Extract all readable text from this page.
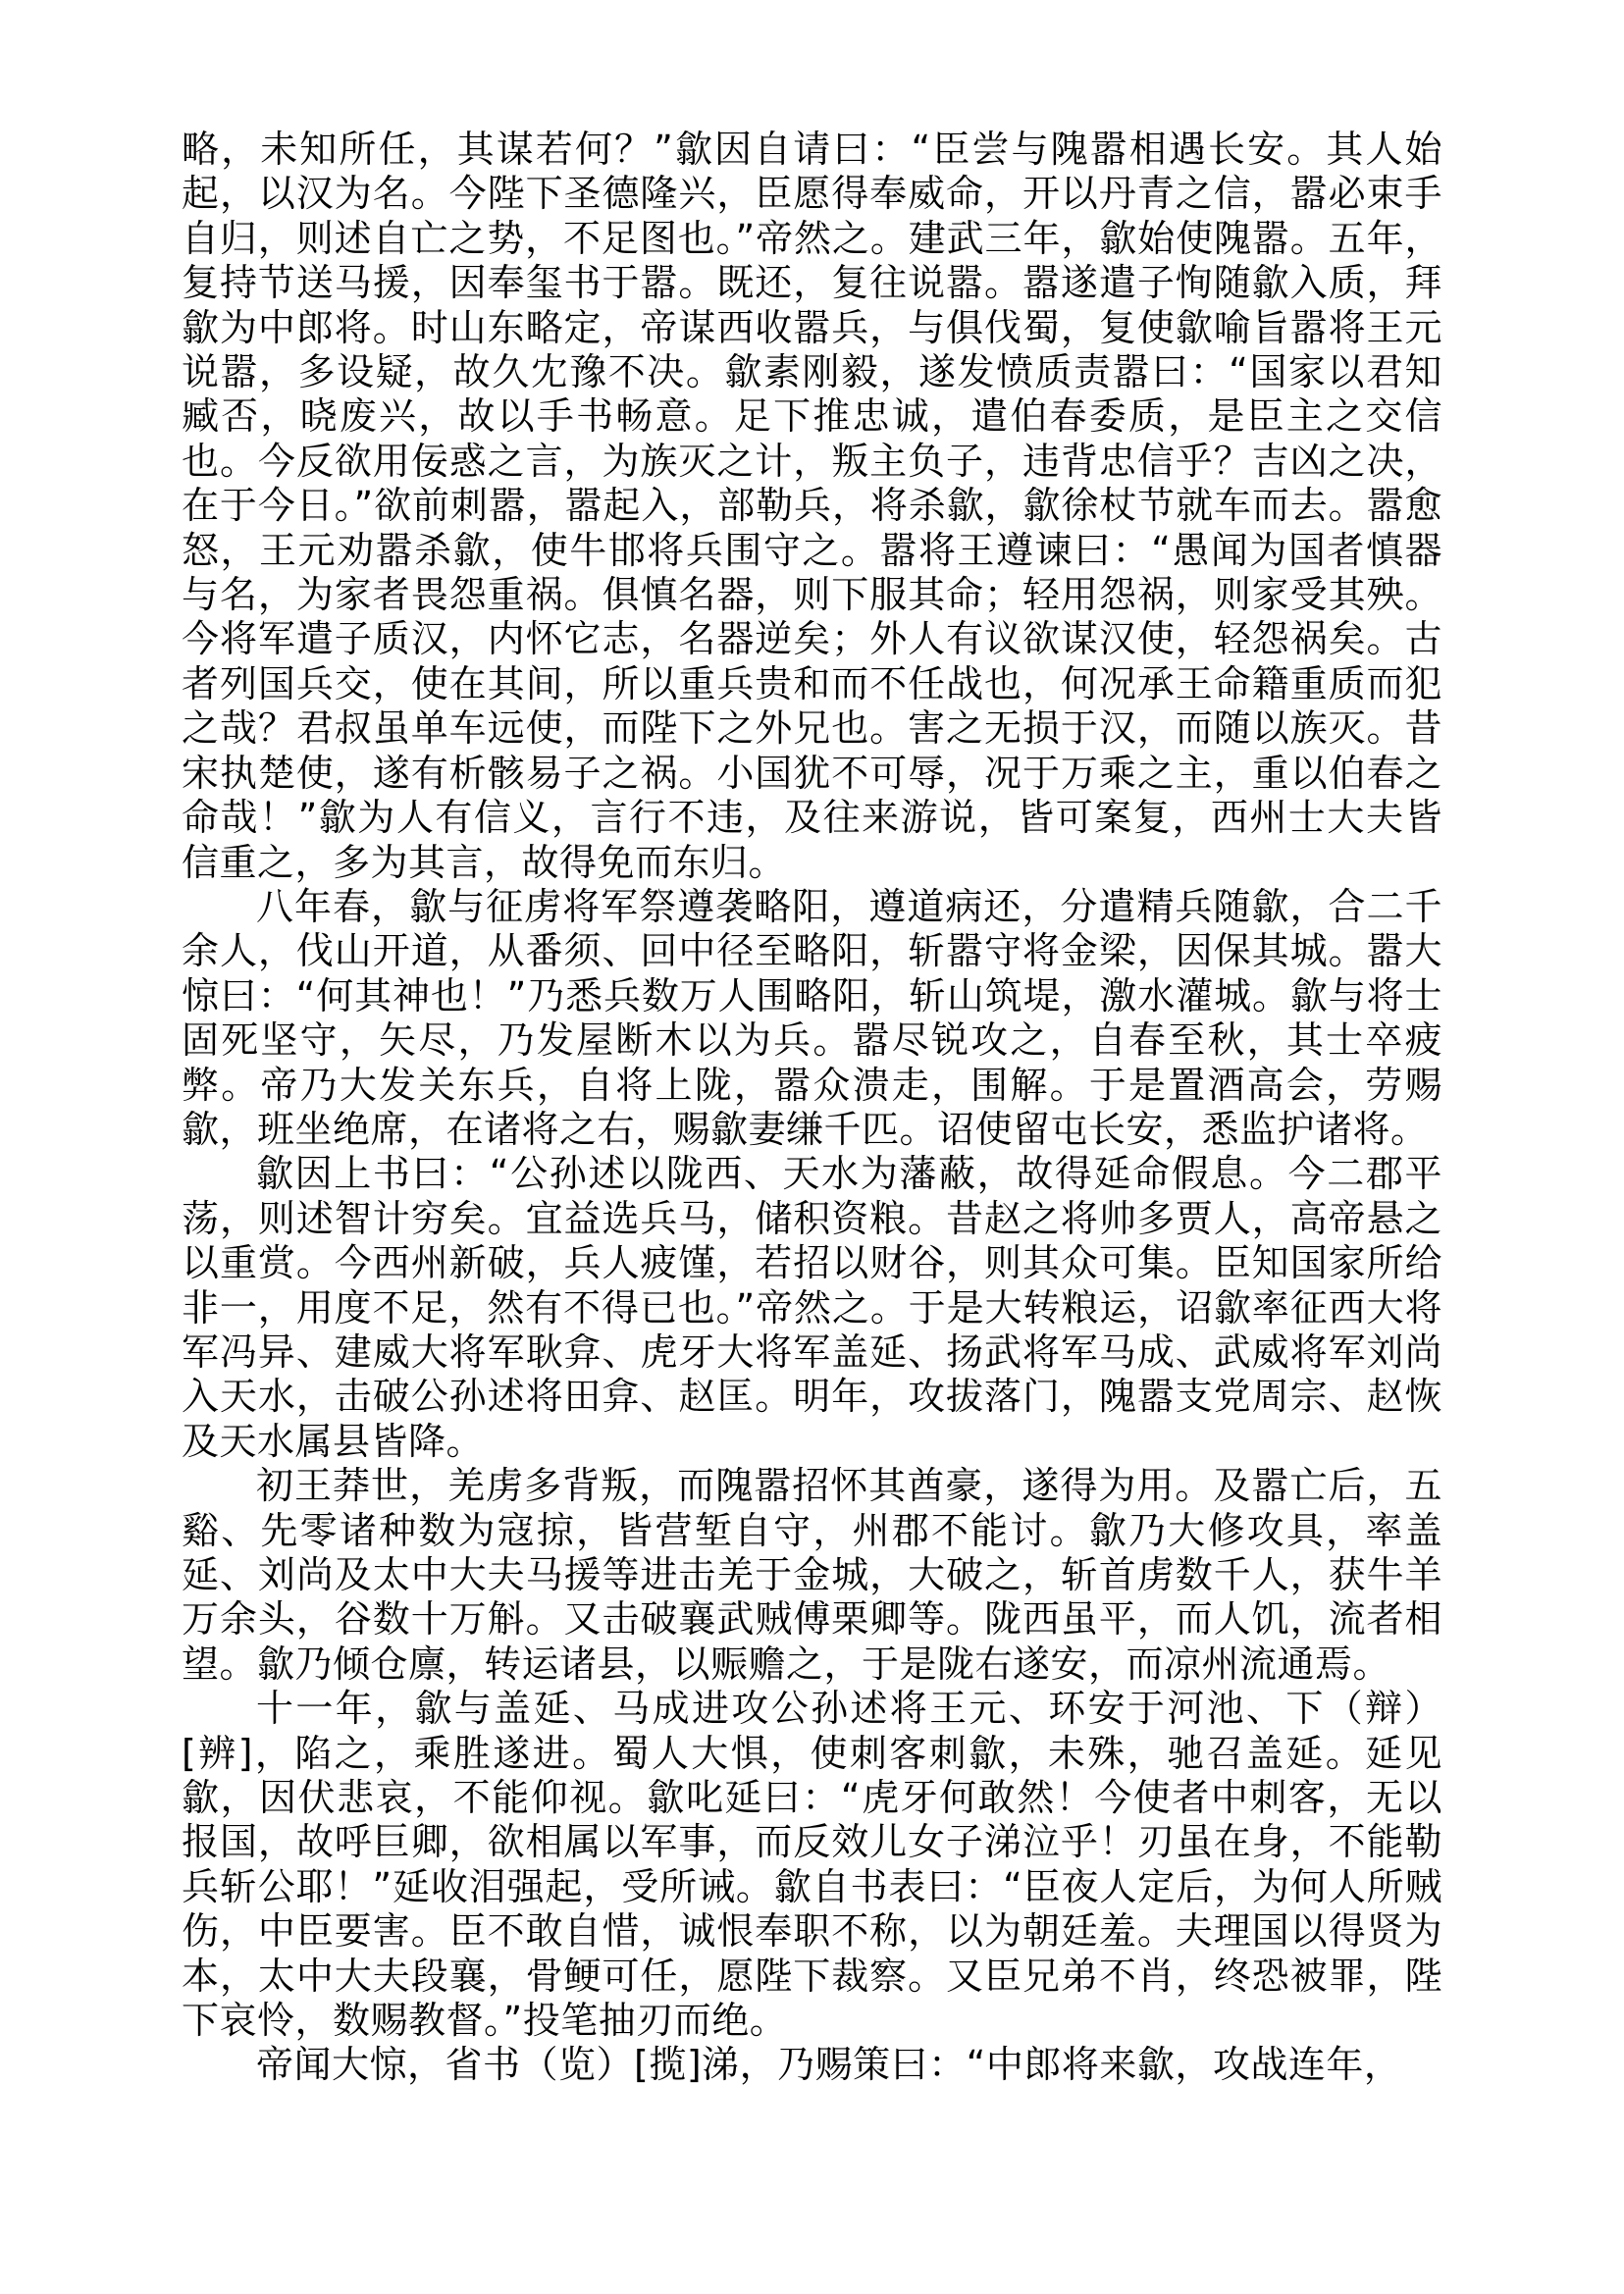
略，未知所任，其谋若何？”歙因自请曰：“臣尝与隗嚣相遇长安。其人始起，以汉为名。今陛下圣德隆兴，臣愿得奉威命，开以丹青之信，嚣必束手自归，则述自亡之势，不足图也。”帝然之。建武三年，歙始使隗嚣。五年，复持节送马援，因奉玺书于嚣。既还，复往说嚣。嚣遂遣子恂随歙入质，拜歙为中郎将。时山东略定，帝谋西收嚣兵，与俱伐蜀，复使歙喻旨嚣将王元说嚣，多设疑，故久冘豫不决。歙素刚毅，遂发愤质责嚣曰：“国家以君知臧否，晓废兴，故以手书畅意。足下推忠诚，遣伯春委质，是臣主之交信也。今反欲用佞惑之言，为族灭之计，叛主负子，违背忠信乎？吉凶之决，在于今日。”欲前刺嚣，嚣起入，部勒兵，将杀歙，歙徐杖节就车而去。嚣愈怒，王元劝嚣杀歙，使牛邯将兵围守之。嚣将王遵谏曰：“愚闻为国者慎器与名，为家者畏怨重祸。俱慎名器，则下服其命；轻用怨祸，则家受其殃。今将军遣子质汉，内怀它志，名器逆矣；外人有议欲谋汉使，轻怨祸矣。古者列国兵交，使在其间，所以重兵贵和而不任战也，何况承王命籍重质而犯之哉？君叔虽单车远使，而陛下之外兄也。害之无损于汉，而随以族灭。昔宋执楚使，遂有析骸易子之祸。小国犹不可辱，况于万乘之主，重以伯春之命哉！”歙为人有信义，言行不违，及往来游说，皆可案复，西州士大夫皆信重之，多为其言，故得免而东归。

八年春，歙与征虏将军祭遵袭略阳，遵道病还，分遣精兵随歙，合二千余人，伐山开道，从番须、回中径至略阳，斩嚣守将金梁，因保其城。嚣大惊曰：“何其神也！”乃悉兵数万人围略阳，斩山筑堤，激水灌城。歙与将士固死坚守，矢尽，乃发屋断木以为兵。嚣尽锐攻之，自春至秋，其士卒疲弊。帝乃大发关东兵，自将上陇，嚣众溃走，围解。于是置酒高会，劳赐歙，班坐绝席，在诸将之右，赐歙妻缣千匹。诏使留屯长安，悉监护诸将。

歙因上书曰：“公孙述以陇西、天水为藩蔽，故得延命假息。今二郡平荡，则述智计穷矣。宜益选兵马，储积资粮。昔赵之将帅多贾人，高帝悬之以重赏。今西州新破，兵人疲馑，若招以财谷，则其众可集。臣知国家所给非一，用度不足，然有不得已也。”帝然之。于是大转粮运，诏歙率征西大将军冯异、建威大将军耿弇、虎牙大将军盖延、扬武将军马成、武威将军刘尚入天水，击破公孙述将田弇、赵匡。明年，攻拔落门，隗嚣支党周宗、赵恢及天水属县皆降。

初王莽世，羌虏多背叛，而隗嚣招怀其酋豪，遂得为用。及嚣亡后，五谿、先零诸种数为寇掠，皆营堑自守，州郡不能讨。歙乃大修攻具，率盖延、刘尚及太中大夫马援等进击羌于金城，大破之，斩首虏数千人，获牛羊万余头，谷数十万斛。又击破襄武贼傅栗卿等。陇西虽平，而人饥，流者相望。歙乃倾仓廪，转运诸县，以赈赡之，于是陇右遂安，而凉州流通焉。

十一年，歙与盖延、马成进攻公孙述将王元、环安于河池、下（辩）[辨]，陷之，乘胜遂进。蜀人大惧，使刺客刺歙，未殊，驰召盖延。延见歙，因伏悲哀，不能仰视。歙叱延曰：“虎牙何敢然！今使者中刺客，无以报国，故呼巨卿，欲相属以军事，而反效儿女子涕泣乎！刃虽在身，不能勒兵斩公耶！”延收泪强起，受所诫。歙自书表曰：“臣夜人定后，为何人所贼伤，中臣要害。臣不敢自惜，诚恨奉职不称，以为朝廷羞。夫理国以得贤为本，太中大夫段襄，骨鲠可任，愿陛下裁察。又臣兄弟不肖，终恐被罪，陛下哀怜，数赐教督。”投笔抽刃而绝。

帝闻大惊，省书（览）[揽]涕，乃赐策曰：“中郎将来歙，攻战连年，
